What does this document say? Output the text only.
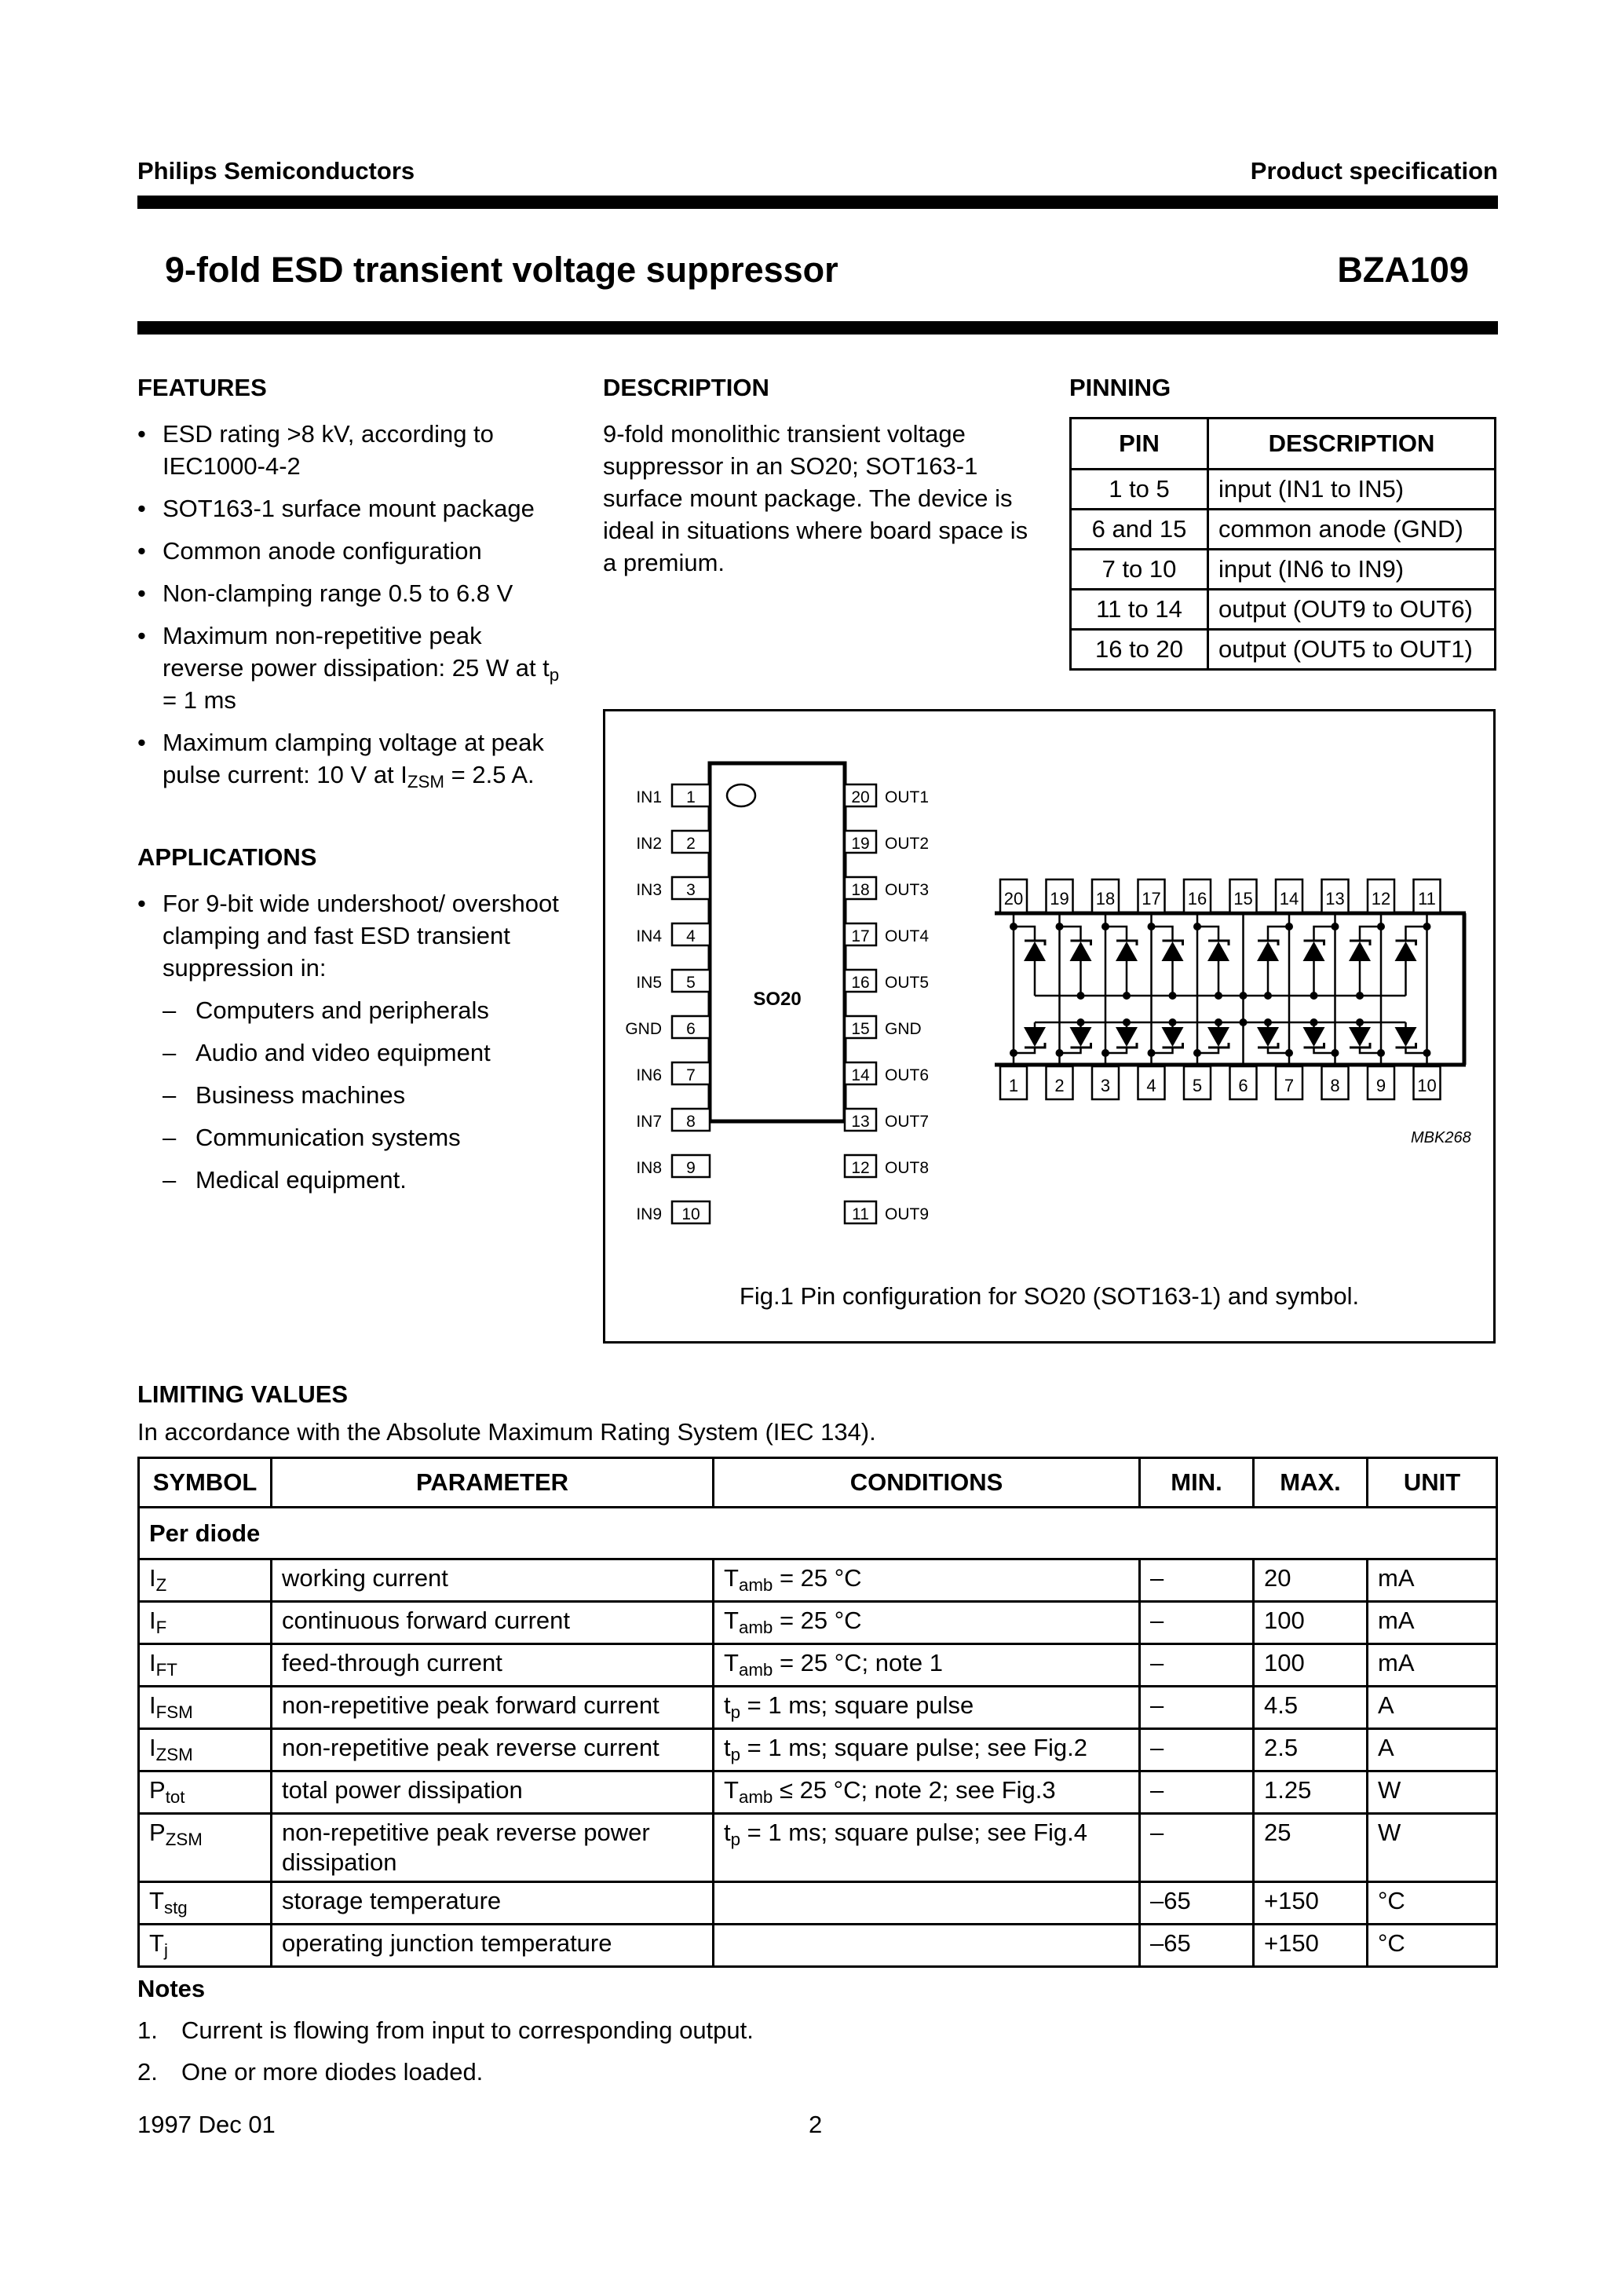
Philips Semiconductors	Product specification
9-fold ESD transient voltage suppressor	BZA109
FEATURES
• ESD rating >8 kV, according to IEC1000-4-2
• SOT163-1 surface mount package
• Common anode configuration
• Non-clamping range 0.5 to 6.8 V
• Maximum non-repetitive peak reverse power dissipation: 25 W at $t_p = 1$ ms
• Maximum clamping voltage at peak pulse current: 10 V at $I_{ZSM} = 2.5$ A.
APPLICATIONS
• For 9-bit wide undershoot/ overshoot clamping and fast ESD transient suppression in:
– Computers and peripherals
– Audio and video equipment
– Business machines
– Communication systems
– Medical equipment.
DESCRIPTION
9-fold monolithic transient voltage suppressor in an SO20; SOT163-1 surface mount package. The device is ideal in situations where board space is a premium.
PINNING
PIN	DESCRIPTION
1 to 5	input (IN1 to IN5)
6 and 15	common anode (GND)
7 to 10	input (IN6 to IN9)
11 to 14	output (OUT9 to OUT6)
16 to 20	output (OUT5 to OUT1)
SO20
1
IN1
2
IN2
3
IN3
4
IN4
5
IN5
6
GND
7
IN6
8
IN7
9
IN8
10
IN9
20 OUT1
19 OUT2
18 OUT3
17 OUT4
16 OUT5
15 GND
14 OUT6
13 OUT7
12 OUT8
11 OUT9
20 19 18 17 16 15 14 13 12 11
1 2 3 4 5 6 7 8 9 10
MBK268
Fig.1 Pin configuration for SO20 (SOT163-1) and symbol.
LIMITING VALUES
In accordance with the Absolute Maximum Rating System (IEC 134).
SYMBOL	PARAMETER	CONDITIONS	MIN.	MAX.	UNIT
Per diode					
$I_Z$	working current	$T_{amb} = 25$ °C	–	20	mA
$I_F$	continuous forward current	$T_{amb} = 25$ °C	–	100	mA
$I_{FT}$	feed-through current	$T_{amb} = 25$ °C; note 1	–	100	mA
$I_{FSM}$	non-repetitive peak forward current	$t_p = 1$ ms; square pulse	–	4.5	A
$I_{ZSM}$	non-repetitive peak reverse current	$t_p = 1$ ms; square pulse; see Fig.2	–	2.5	A
$P_{tot}$	total power dissipation	$T_{amb} \le 25$ °C; note 2; see Fig.3	–	1.25	W
$P_{ZSM}$	non-repetitive peak reverse power dissipation	$t_p = 1$ ms; square pulse; see Fig.4	–	25	W
$T_{stg}$	storage temperature		–65	+150	°C
$T_j$	operating junction temperature		–65	+150	°C
Notes
1. Current is flowing from input to corresponding output.
2. One or more diodes loaded.
1997 Dec 01	2
